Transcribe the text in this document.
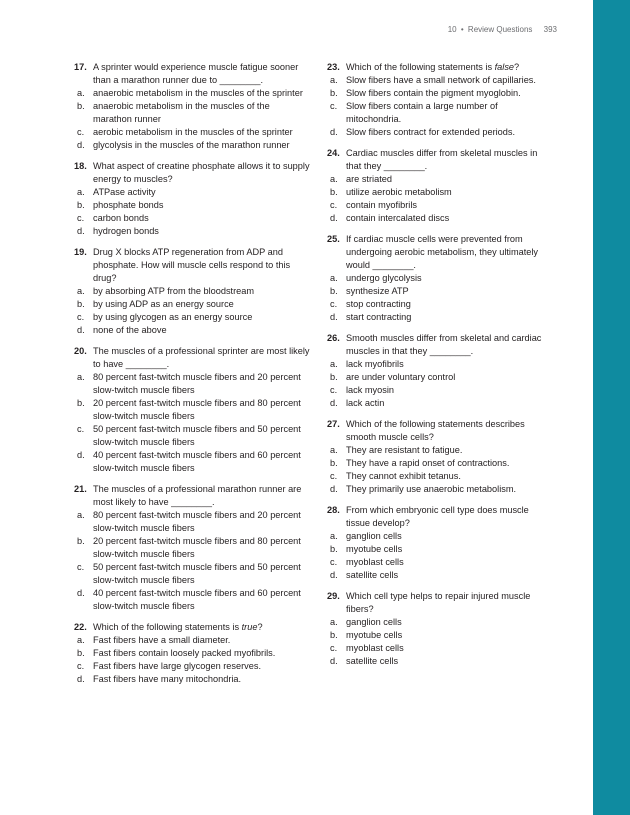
10 • Review Questions 393
17. A sprinter would experience muscle fatigue sooner than a marathon runner due to ________.
a. anaerobic metabolism in the muscles of the sprinter
b. anaerobic metabolism in the muscles of the marathon runner
c. aerobic metabolism in the muscles of the sprinter
d. glycolysis in the muscles of the marathon runner
18. What aspect of creatine phosphate allows it to supply energy to muscles?
a. ATPase activity
b. phosphate bonds
c. carbon bonds
d. hydrogen bonds
19. Drug X blocks ATP regeneration from ADP and phosphate. How will muscle cells respond to this drug?
a. by absorbing ATP from the bloodstream
b. by using ADP as an energy source
c. by using glycogen as an energy source
d. none of the above
20. The muscles of a professional sprinter are most likely to have ________.
a. 80 percent fast-twitch muscle fibers and 20 percent slow-twitch muscle fibers
b. 20 percent fast-twitch muscle fibers and 80 percent slow-twitch muscle fibers
c. 50 percent fast-twitch muscle fibers and 50 percent slow-twitch muscle fibers
d. 40 percent fast-twitch muscle fibers and 60 percent slow-twitch muscle fibers
21. The muscles of a professional marathon runner are most likely to have ________.
a. 80 percent fast-twitch muscle fibers and 20 percent slow-twitch muscle fibers
b. 20 percent fast-twitch muscle fibers and 80 percent slow-twitch muscle fibers
c. 50 percent fast-twitch muscle fibers and 50 percent slow-twitch muscle fibers
d. 40 percent fast-twitch muscle fibers and 60 percent slow-twitch muscle fibers
22. Which of the following statements is true?
a. Fast fibers have a small diameter.
b. Fast fibers contain loosely packed myofibrils.
c. Fast fibers have large glycogen reserves.
d. Fast fibers have many mitochondria.
23. Which of the following statements is false?
a. Slow fibers have a small network of capillaries.
b. Slow fibers contain the pigment myoglobin.
c. Slow fibers contain a large number of mitochondria.
d. Slow fibers contract for extended periods.
24. Cardiac muscles differ from skeletal muscles in that they ________.
a. are striated
b. utilize aerobic metabolism
c. contain myofibrils
d. contain intercalated discs
25. If cardiac muscle cells were prevented from undergoing aerobic metabolism, they ultimately would ________.
a. undergo glycolysis
b. synthesize ATP
c. stop contracting
d. start contracting
26. Smooth muscles differ from skeletal and cardiac muscles in that they ________.
a. lack myofibrils
b. are under voluntary control
c. lack myosin
d. lack actin
27. Which of the following statements describes smooth muscle cells?
a. They are resistant to fatigue.
b. They have a rapid onset of contractions.
c. They cannot exhibit tetanus.
d. They primarily use anaerobic metabolism.
28. From which embryonic cell type does muscle tissue develop?
a. ganglion cells
b. myotube cells
c. myoblast cells
d. satellite cells
29. Which cell type helps to repair injured muscle fibers?
a. ganglion cells
b. myotube cells
c. myoblast cells
d. satellite cells
